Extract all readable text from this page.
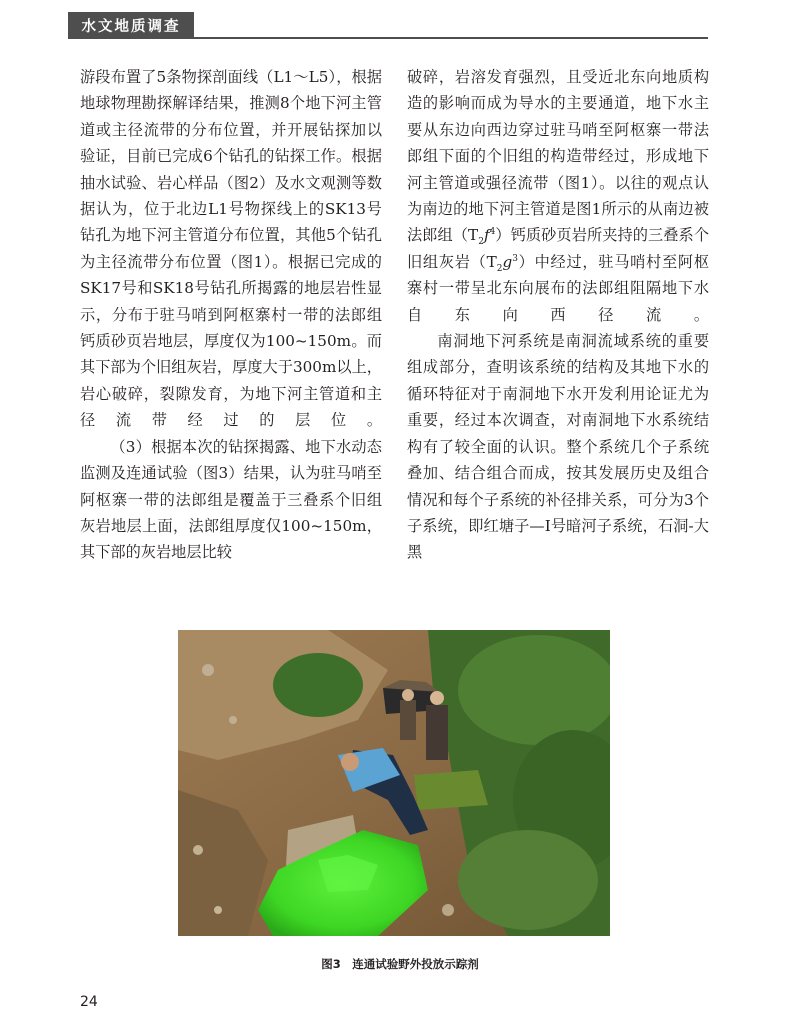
水文地质调查

游段布置了5条物探剖面线（L1～L5），根据地球物理勘探解译结果，推测8个地下河主管道或主径流带的分布位置，并开展钻探加以验证，目前已完成6个钻孔的钻探工作。根据抽水试验、岩心样品（图2）及水文观测等数据认为，位于北边L1号物探线上的SK13号钻孔为地下河主管道分布位置，其他5个钻孔为主径流带分布位置（图1）。根据已完成的SK17号和SK18号钻孔所揭露的地层岩性显示，分布于驻马哨到阿枢寨村一带的法郎组钙质砂页岩地层，厚度仅为100~150m。而其下部为个旧组灰岩，厚度大于300m以上，岩心破碎，裂隙发育，为地下河主管道和主径流带经过的层位。

（3）根据本次的钻探揭露、地下水动态监测及连通试验（图3）结果，认为驻马哨至阿枢寨一带的法郎组是覆盖于三叠系个旧组灰岩地层上面，法郎组厚度仅100~150m，其下部的灰岩地层比较

破碎，岩溶发育强烈，且受近北东向地质构造的影响而成为导水的主要通道，地下水主要从东边向西边穿过驻马哨至阿枢寨一带法郎组下面的个旧组的构造带经过，形成地下河主管道或强径流带（图1）。以往的观点认为南边的地下河主管道是图1所示的从南边被法郎组$(T_2f^4)$钙质砂页岩所夹持的三叠系个旧组灰岩$(T_2g^3)$中经过，驻马哨村至阿枢寨村一带呈北东向展布的法郎组阻隔地下水自东向西径流。

南洞地下河系统是南洞流域系统的重要组成部分，查明该系统的结构及其地下水的循环特征对于南洞地下水开发利用论证尤为重要，经过本次调查，对南洞地下水系统结构有了较全面的认识。整个系统几个子系统叠加、结合组合而成，按其发展历史及组合情况和每个子系统的补径排关系，可分为3个子系统，即红塘子—Ⅰ号暗河子系统，石洞-大黑

图3　连通试验野外投放示踪剂
24
